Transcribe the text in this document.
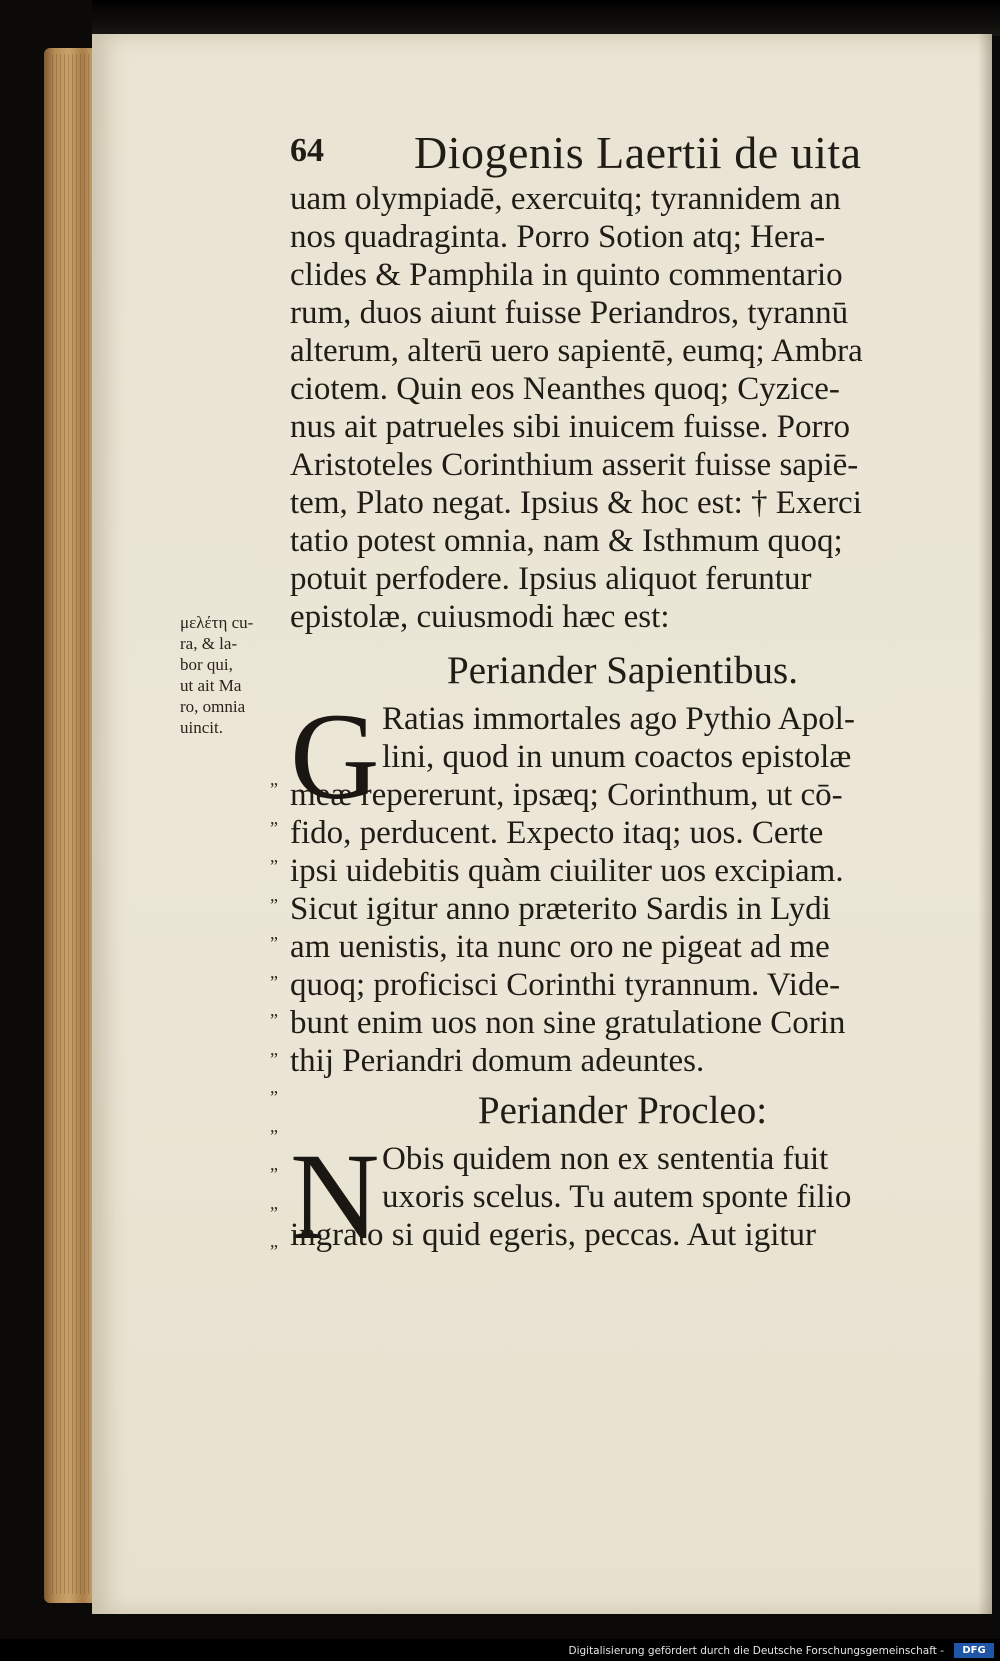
64 Diogenis Laertii de uita
uam olympiadē, exercuitq; tyrannidem an
nos quadraginta. Porro Sotion atq; Hera-
clides & Pamphila in quinto commentario
rum, duos aiunt fuisse Periandros, tyrannū
alterum, alterū uero sapientē, eumq; Ambra
ciotem. Quin eos Neanthes quoq; Cyzice-
nus ait patrueles sibi inuicem fuisse. Porro
Aristoteles Corinthium asserit fuisse sapiē-
tem, Plato negat. Ipsius & hoc est: † Exerci
tatio potest omnia, nam & Isthmum quoq;
potuit perfodere. Ipsius aliquot feruntur
epistolæ, cuiusmodi hæc est:
Periander Sapientibus.
G Ratias immortales ago Pythio Apol-
lini, quod in unum coactos epistolæ
meæ repererunt, ipsæq; Corinthum, ut cō-
fido, perducent. Expecto itaq; uos. Certe
ipsi uidebitis quàm ciuiliter uos excipiam.
Sicut igitur anno præterito Sardis in Lydi
am uenistis, ita nunc oro ne pigeat ad me
quoq; proficisci Corinthi tyrannum. Vide-
bunt enim uos non sine gratulatione Corin
thij Periandri domum adeuntes.
Periander Procleo:
N Obis quidem non ex sententia fuit
uxoris scelus. Tu autem sponte filio
ingrato si quid egeris, peccas. Aut igitur
μελέτη cu-
ra, & la-
bor qui,
ut ait Ma
ro, omnia
uincit.
„
„
„
„
„
„
„
„
„
„
„
„
„
Digitalisierung gefördert durch die Deutsche Forschungsgemeinschaft -	DFG
